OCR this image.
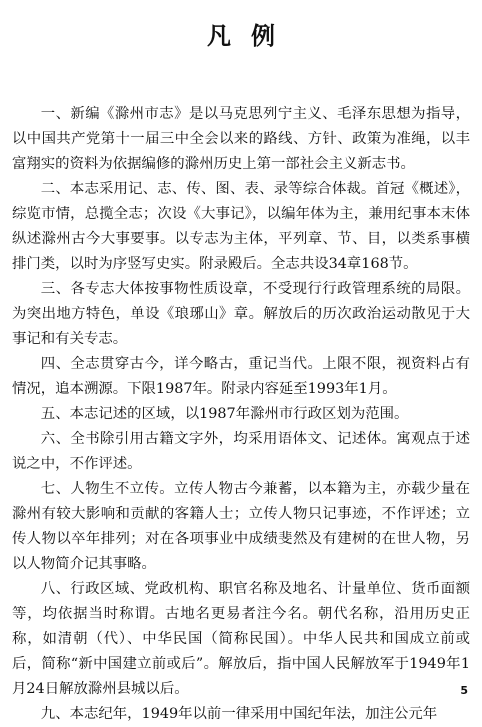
凡例

一、新编《滁州市志》是以马克思列宁主义、毛泽东思想为指导，以中国共产党第十一届三中全会以来的路线、方针、政策为准绳，以丰富翔实的资料为依据编修的滁州历史上第一部社会主义新志书。

二、本志采用记、志、传、图、表、录等综合体裁。首冠《概述》，综览市情，总揽全志；次设《大事记》，以编年体为主，兼用纪事本末体纵述滁州古今大事要事。以专志为主体，平列章、节、目，以类系事横排门类，以时为序竖写史实。附录殿后。全志共设34章168节。

三、各专志大体按事物性质设章，不受现行行政管理系统的局限。为突出地方特色，单设《琅琊山》章。解放后的历次政治运动散见于大事记和有关专志。

四、全志贯穿古今，详今略古，重记当代。上限不限，视资料占有情况，追本溯源。下限1987年。附录内容延至1993年1月。

五、本志记述的区域，以1987年滁州市行政区划为范围。

六、全书除引用古籍文字外，均采用语体文、记述体。寓观点于述说之中，不作评述。

七、人物生不立传。立传人物古今兼蓄，以本籍为主，亦载少量在滁州有较大影响和贡献的客籍人士；立传人物只记事迹，不作评述；立传人物以卒年排列；对在各项事业中成绩斐然及有建树的在世人物，另以人物简介记其事略。

八、行政区域、党政机构、职官名称及地名、计量单位、货币面额等，均依据当时称谓。古地名更易者注今名。朝代名称，沿用历史正称，如清朝（代）、中华民国（简称民国）。中华人民共和国成立前或后，简称“新中国建立前或后”。解放后，指中国人民解放军于1949年1月24日解放滁州县城以后。

九、本志纪年，1949年以前一律采用中国纪年法，加注公元年

5
